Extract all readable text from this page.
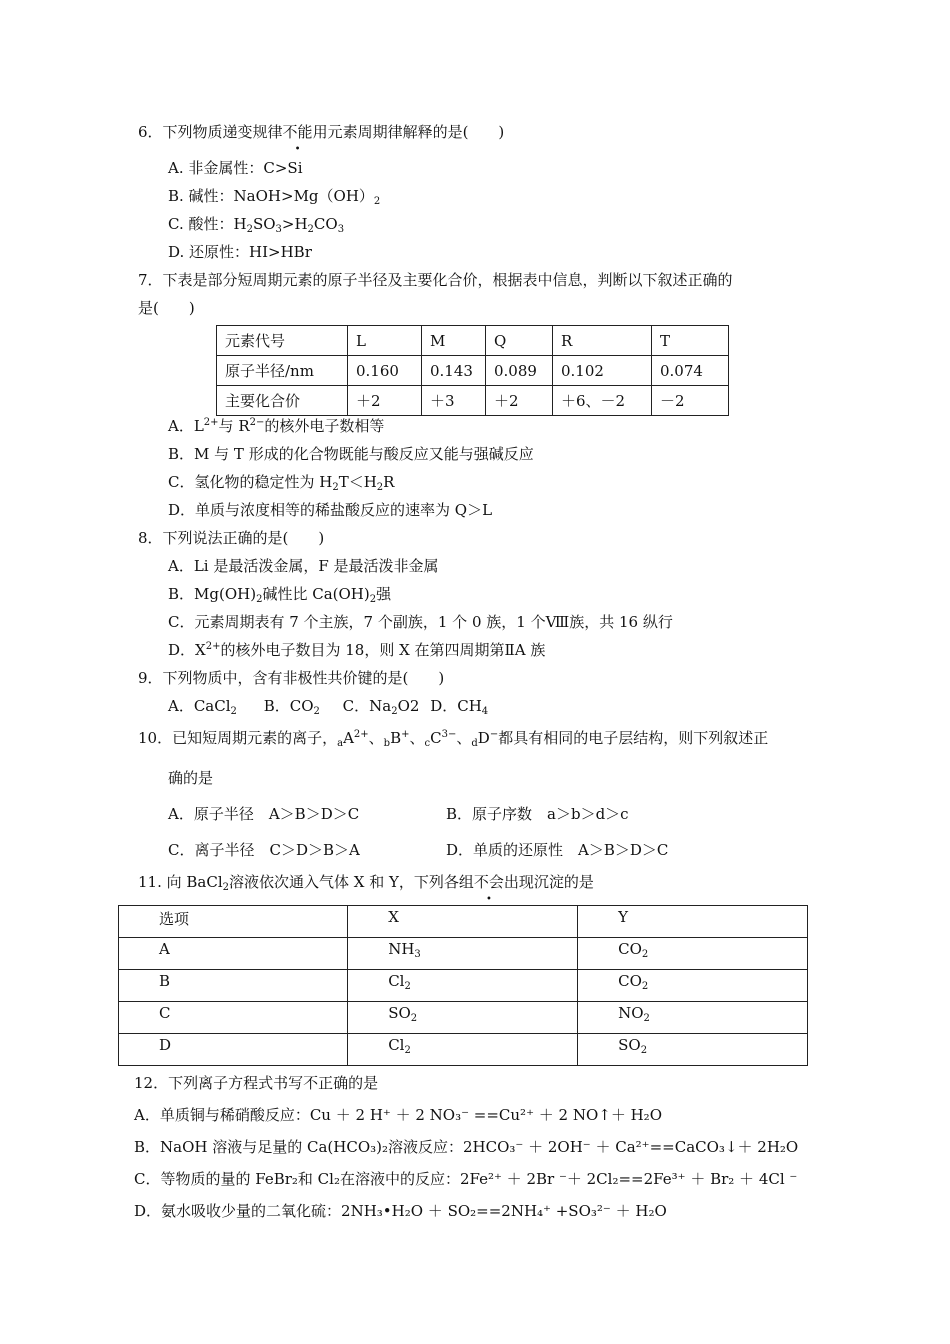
6．下列物质递变规律不能用元素周期律解释的是(　　)
A. 非金属性：C>Si
B. 碱性：$NaOH>Mg(OH)_2$
C. 酸性：$H_2SO_3>H_2CO_3$
D. 还原性：HI>HBr
7．下表是部分短周期元素的原子半径及主要化合价，根据表中信息，判断以下叙述正确的
是(　　)
元素代号	L	M	Q	R	T
原子半径/nm	0.160	0.143	0.089	0.102	0.074
主要化合价	＋2	＋3	＋2	＋6、－2	－2
A．$L^{2+}$与 $R^{2-}$的核外电子数相等
B．M 与 T 形成的化合物既能与酸反应又能与强碱反应
C．氢化物的稳定性为 $H_2T<H_2R$
D．单质与浓度相等的稀盐酸反应的速率为 Q＞L
8．下列说法正确的是(　　)
A．Li 是最活泼金属，F 是最活泼非金属
B．$Mg(OH)_2$碱性比 $Ca(OH)_2$强
C．元素周期表有 7 个主族，7 个副族，1 个 0 族，1 个Ⅷ族，共 16 纵行
D．$X^{2+}$的核外电子数目为 18，则 X 在第四周期第ⅡA 族
9．下列物质中，含有非极性共价键的是(　　)
A．CaCl$_2$ B．$CO_2$ C．$Na_2O2$ D．$CH_4$
10．已知短周期元素的离子，$_aA^{2+}$、$_b$B+、$_cC^{3-}$、$_d$D−都具有相同的电子层结构，则下列叙述正
确的是
A．原子半径　A＞B＞D＞C	B．原子序数　a＞b＞d＞c
C．离子半径　C＞D＞B＞A	D．单质的还原性　A＞B＞D＞C
11. 向 BaCl$_2$溶液依次通入气体 X 和 Y，下列各组不会出现沉淀的是
选项	X	Y
A	$NH_3$	$CO_2$
B	$Cl_2$	$CO_2$
C	$SO_2$	$NO_2$
D	$Cl_2$	$SO_2$
12．下列离子方程式书写不正确的是
A．单质铜与稀硝酸反应：Cu ＋ 2 H⁺ ＋ 2 NO₃⁻ ==Cu²⁺ ＋ 2 NO↑＋ H₂O
B．NaOH 溶液与足量的 Ca(HCO₃)₂溶液反应：2HCO₃⁻ ＋ 2OH⁻ ＋ Ca²⁺==CaCO₃↓＋ 2H₂O
C．等物质的量的 FeBr₂和 Cl₂在溶液中的反应：2Fe²⁺ ＋ 2Br ⁻＋ 2Cl₂==2Fe³⁺ ＋ Br₂ ＋ 4Cl ⁻
D．氨水吸收少量的二氧化硫：2NH₃•H₂O ＋ SO₂==2NH₄⁺ +SO₃²⁻ ＋ H₂O
